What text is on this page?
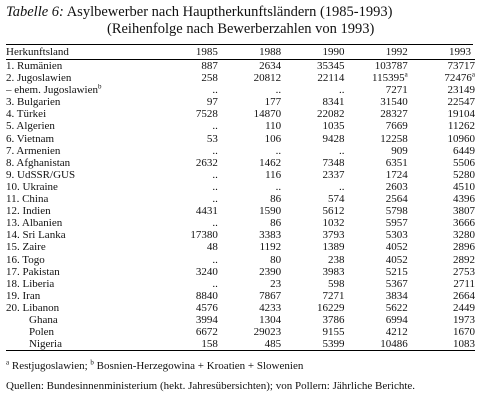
Tabelle 6: Asylbewerber nach Hauptherkunftsländern (1985-1993)

(Reihenfolge nach Bewerberzahlen von 1993)

Herkunftsland	1985	1988	1990	1992	1993
1. Rumänien	887	2634	35345	103787	73717
2. Jugoslawien	258	20812	22114	115395$^a$	72476$^a$
– ehem. Jugoslawien$^b$	..	..	..	7271	23149
3. Bulgarien	97	177	8341	31540	22547
4. Türkei	7528	14870	22082	28327	19104
5. Algerien	..	110	1035	7669	11262
6. Vietnam	53	106	9428	12258	10960
7. Armenien	..	..	..	909	6449
8. Afghanistan	2632	1462	7348	6351	5506
9. UdSSR/GUS	..	116	2337	1724	5280
10. Ukraine	..	..	..	2603	4510
11. China	..	86	574	2564	4396
12. Indien	4431	1590	5612	5798	3807
13. Albanien	..	86	1032	5957	3666
14. Sri Lanka	17380	3383	3793	5303	3280
15. Zaire	48	1192	1389	4052	2896
16. Togo	..	80	238	4052	2892
17. Pakistan	3240	2390	3983	5215	2753
18. Liberia	..	23	598	5367	2711
19. Iran	8840	7867	7271	3834	2664
20. Libanon	4576	4233	16229	5622	2449
Ghana	3994	1304	3786	6994	1973
Polen	6672	29023	9155	4212	1670
Nigeria	158	485	5399	10486	1083
$^a$ Restjugoslawien; $^b$ Bosnien-Herzegowina + Kroatien + Slowenien
Quellen: Bundesinnenministerium (hekt. Jahresübersichten); von Pollern: Jährliche Berichte.
